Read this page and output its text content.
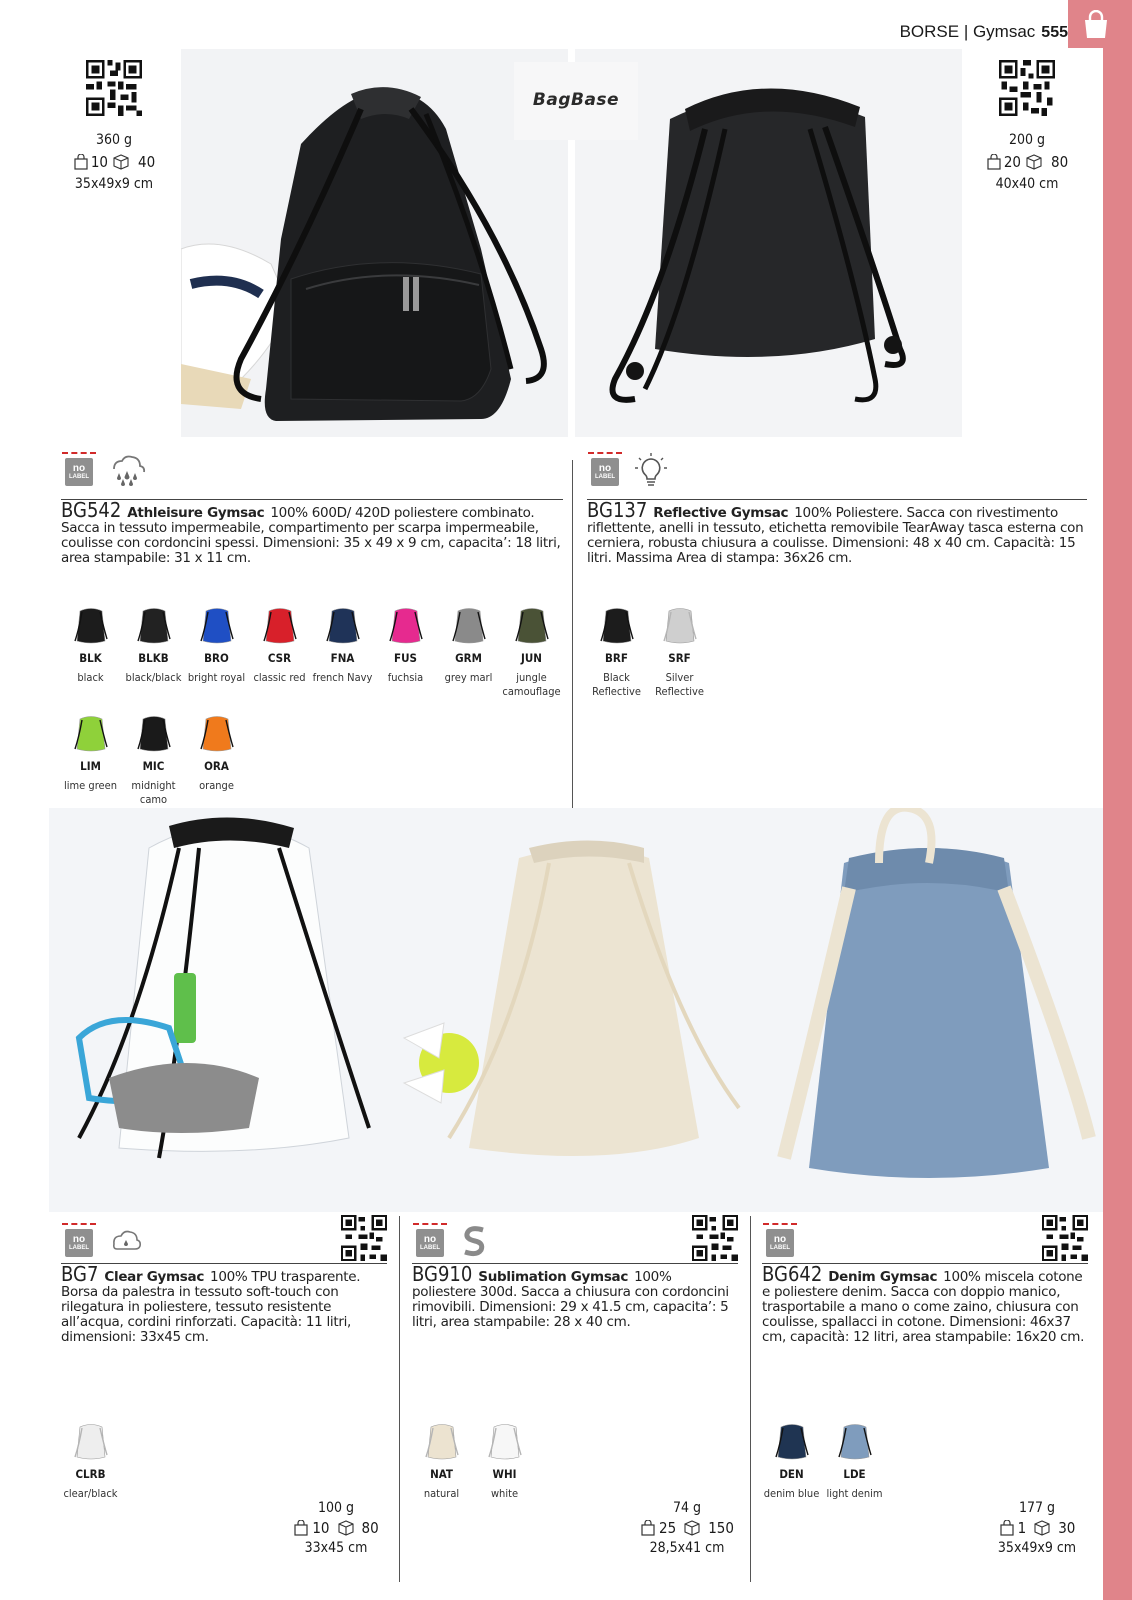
BORSE | Gymsac 555
360 g
10 40
35x49x9 cm
200 g
20 80
40x40 cm
BagBase
no
LABEL
no
LABEL
BG542 Athleisure Gymsac 100% 600D/ 420D poliestere combinato. Sacca in tessuto impermeabile, compartimento per scarpa impermeabile, coulisse con cordoncini spessi. Dimensioni: 35 x 49 x 9 cm, capacita’: 18 litri, area stampabile: 31 x 11 cm.
BG137 Reflective Gymsac 100% Poliestere. Sacca con rivestimento riflettente, anelli in tessuto, etichetta removibile TearAway tasca esterna con cerniera, robusta chiusura a coulisse. Dimensioni: 48 x 40 cm. Capacità: 15 litri. Massima Area di stampa: 36x26 cm.
BLK
black
BLKB
black/black
BRO
bright royal
CSR
classic red
FNA
french Navy
FUS
fuchsia
GRM
grey marl
JUN
jungle camouflage
LIM
lime green
MIC
midnight camo
ORA
orange
BRF
Black Reflective
SRF
Silver Reflective
no
LABEL
BG7 Clear Gymsac 100% TPU trasparente. Borsa da palestra in tessuto soft-touch con rilegatura in poliestere, tessuto resistente all’acqua, cordini rinforzati. Capacità: 11 litri, dimensioni: 33x45 cm.
CLRB
clear/black
100 g
10 80
33x45 cm
no
LABEL
BG910 Sublimation Gymsac 100% poliestere 300d. Sacca a chiusura con cordoncini rimovibili. Dimensioni: 29 x 41.5 cm, capacita’: 5 litri, area stampabile: 28 x 40 cm.
NAT
natural
WHI
white
74 g
25 150
28,5x41 cm
no
LABEL
BG642 Denim Gymsac 100% miscela cotone e poliestere denim. Sacca con doppio manico, trasportabile a mano o come zaino, chiusura con coulisse, spallacci in cotone. Dimensioni: 46x37 cm, capacità: 12 litri, area stampabile: 16x20 cm.
DEN
denim blue
LDE
light denim
177 g
1 30
35x49x9 cm
